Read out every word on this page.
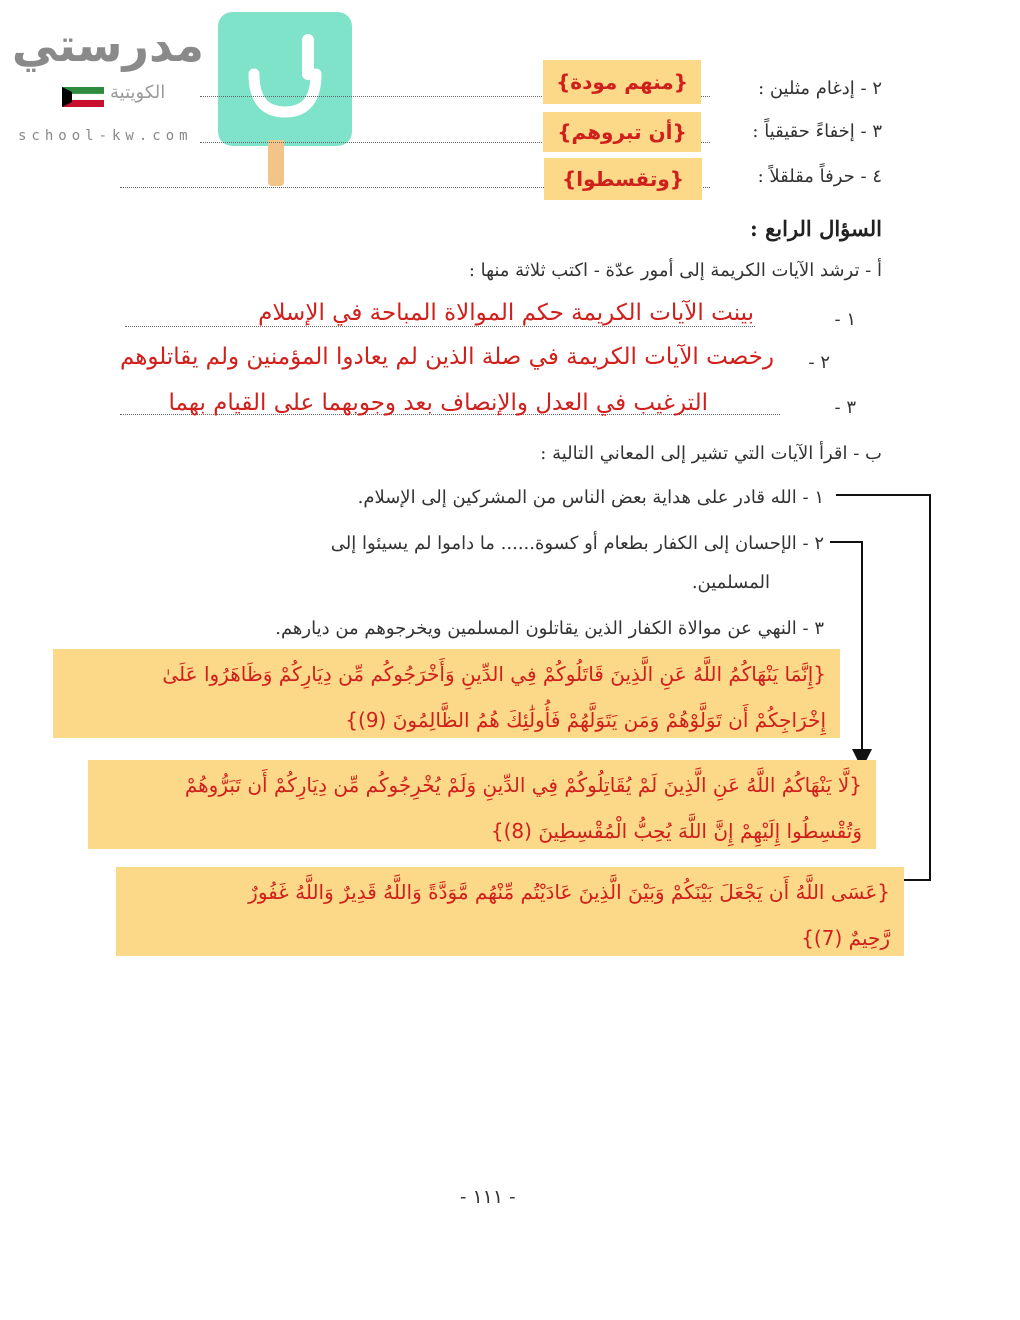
مدرستي
الكويتية
school-kw.com
{منهم مودة}	٢ - إدغام مثلين :
{أن تبروهم}	٣ - إخفاءً حقيقياً :
{وتقسطوا}	٤ - حرفاً مقلقلاً :
السؤال الرابع :
أ - ترشد الآيات الكريمة إلى أمور عدّة - اكتب ثلاثة منها :
١ -
بينت الآيات الكريمة حكم الموالاة المباحة في الإسلام
٢ -
رخصت الآيات الكريمة في صلة الذين لم يعادوا المؤمنين ولم يقاتلوهم
٣ -
الترغيب في العدل والإنصاف بعد وجوبهما على القيام بهما
ب - اقرأ الآيات التي تشير إلى المعاني التالية :
١ - الله قادر على هداية بعض الناس من المشركين إلى الإسلام.
٢ - الإحسان إلى الكفار بطعام أو كسوة...... ما داموا لم يسيئوا إلى
المسلمين.
٣ - النهي عن موالاة الكفار الذين يقاتلون المسلمين ويخرجوهم من ديارهم.
{إِنَّمَا يَنْهَاكُمُ اللَّهُ عَنِ الَّذِينَ قَاتَلُوكُمْ فِي الدِّينِ وَأَخْرَجُوكُم مِّن دِيَارِكُمْ وَظَاهَرُوا عَلَىٰ
إِخْرَاجِكُمْ أَن تَوَلَّوْهُمْ وَمَن يَتَوَلَّهُمْ فَأُولَٰئِكَ هُمُ الظَّالِمُونَ (9)}
{لَّا يَنْهَاكُمُ اللَّهُ عَنِ الَّذِينَ لَمْ يُقَاتِلُوكُمْ فِي الدِّينِ وَلَمْ يُخْرِجُوكُم مِّن دِيَارِكُمْ أَن تَبَرُّوهُمْ
وَتُقْسِطُوا إِلَيْهِمْ إِنَّ اللَّهَ يُحِبُّ الْمُقْسِطِينَ (8)}
{عَسَى اللَّهُ أَن يَجْعَلَ بَيْنَكُمْ وَبَيْنَ الَّذِينَ عَادَيْتُم مِّنْهُم مَّوَدَّةً وَاللَّهُ قَدِيرٌ وَاللَّهُ غَفُورٌ
رَّحِيمٌ (7)}
- ١١١ -
